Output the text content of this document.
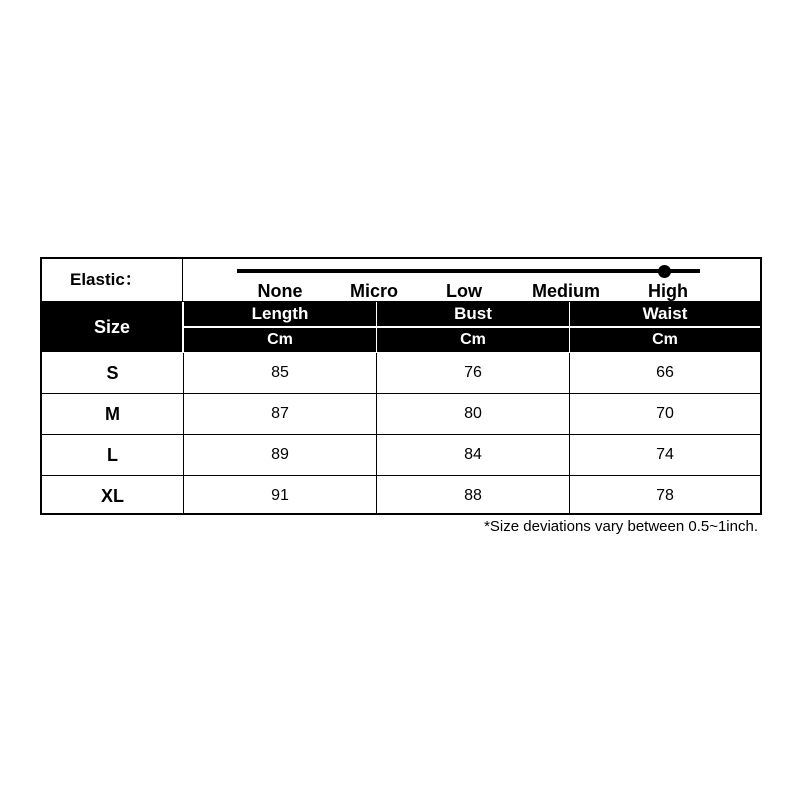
Elastic：
None	Micro	Low	Medium	High
Size
Length	Bust	Waist
Cm	Cm	Cm
S	85	76	66
M	87	80	70
L	89	84	74
XL	91	88	78
*Size deviations vary between 0.5~1inch.
